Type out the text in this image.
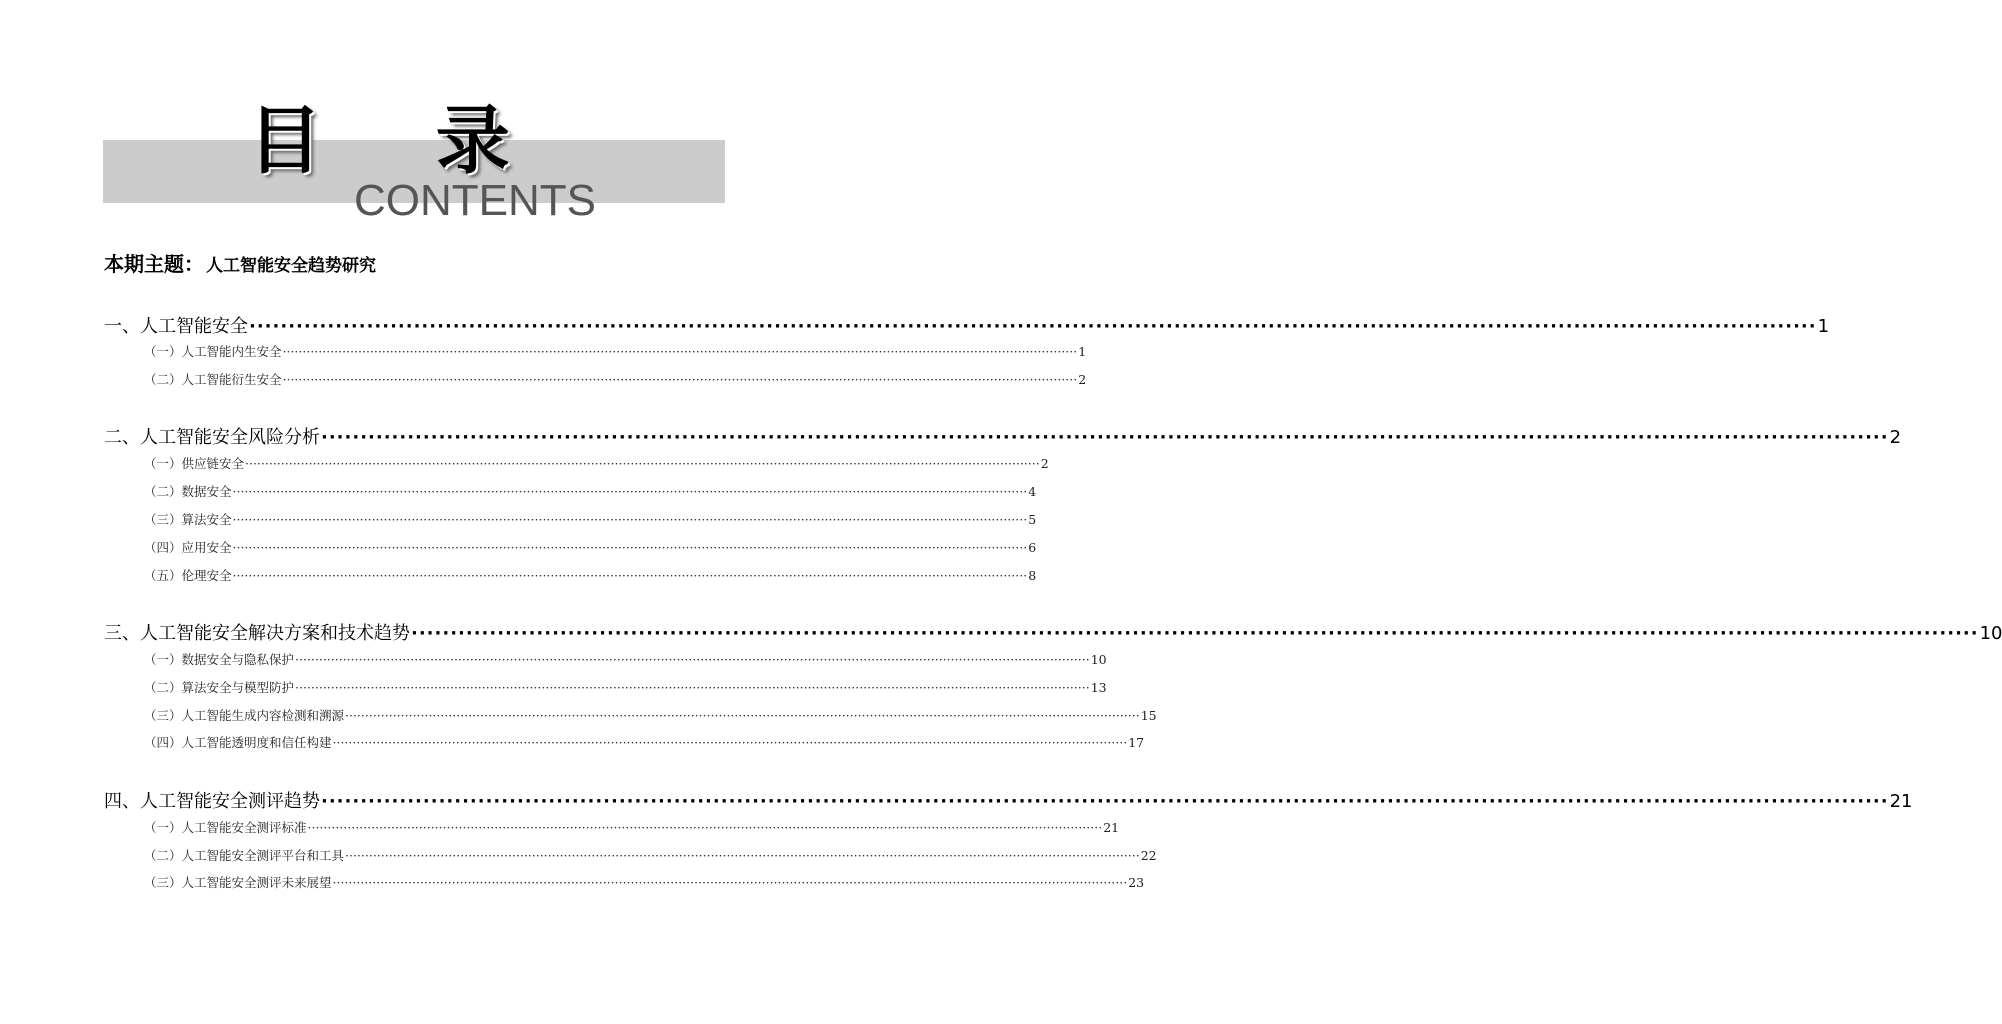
目 录
CONTENTS
本期主题： 人工智能安全趋势研究
一、人工智能安全 ········································································································································································································ 1
（一）人工智能内生安全 ········································································································································································································ 1
（二）人工智能衍生安全 ········································································································································································································ 2
二、人工智能安全风险分析 ········································································································································································································ 2
（一）供应链安全 ········································································································································································································ 2
（二）数据安全 ········································································································································································································ 4
（三）算法安全 ········································································································································································································ 5
（四）应用安全 ········································································································································································································ 6
（五）伦理安全 ········································································································································································································ 8
三、人工智能安全解决方案和技术趋势 ········································································································································································································ 10
（一）数据安全与隐私保护 ········································································································································································································ 10
（二）算法安全与模型防护 ········································································································································································································ 13
（三）人工智能生成内容检测和溯源 ········································································································································································································ 15
（四）人工智能透明度和信任构建 ········································································································································································································ 17
四、人工智能安全测评趋势 ········································································································································································································ 21
（一）人工智能安全测评标准 ········································································································································································································ 21
（二）人工智能安全测评平台和工具 ········································································································································································································ 22
（三）人工智能安全测评未来展望 ········································································································································································································ 23
